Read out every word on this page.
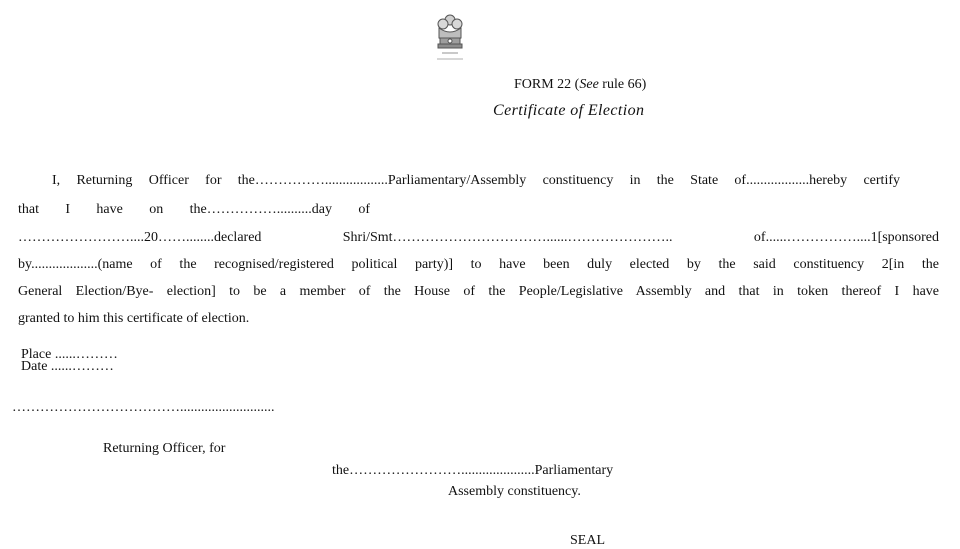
FORM 22 (See rule 66)
Certificate of Election
I, Returning Officer for the……………..................Parliamentary/Assembly constituency in the State of..................hereby certify
that I have on the……………..........day of
……………………....20……........declared Shri/Smt……………………………......………………….. of......……………....1[sponsored
by...................(name of the recognised/registered political party)] to have been duly elected by the said constituency 2[in the
General Election/Bye- election] to be a member of the House of the People/Legislative Assembly and that in token thereof I have
granted to him this certificate of election.
Place ......………
Date ......………
………………………………...........................
Returning Officer, for
the…………………….....................Parliamentary
Assembly constituency.
SEAL
